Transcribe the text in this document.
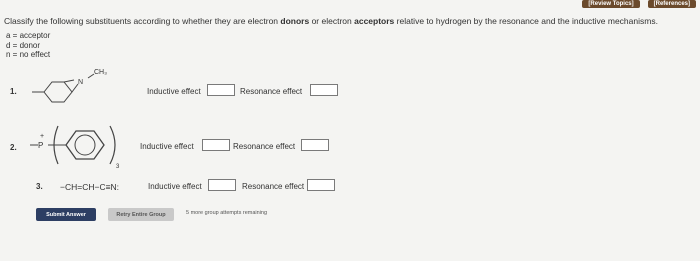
[Review Topics]	[References]
Classify the following substituents according to whether they are electron donors or electron acceptors relative to hydrogen by the resonance and the inductive mechanisms.
a = acceptor
d = donor
n = no effect
1.
N
CH₃
Inductive effect	Resonance effect
2.	P
+
3
Inductive effect	Resonance effect
3. −CH=CH−C≡N:	Inductive effect	Resonance effect
Submit Answer	Retry Entire Group	5 more group attempts remaining
